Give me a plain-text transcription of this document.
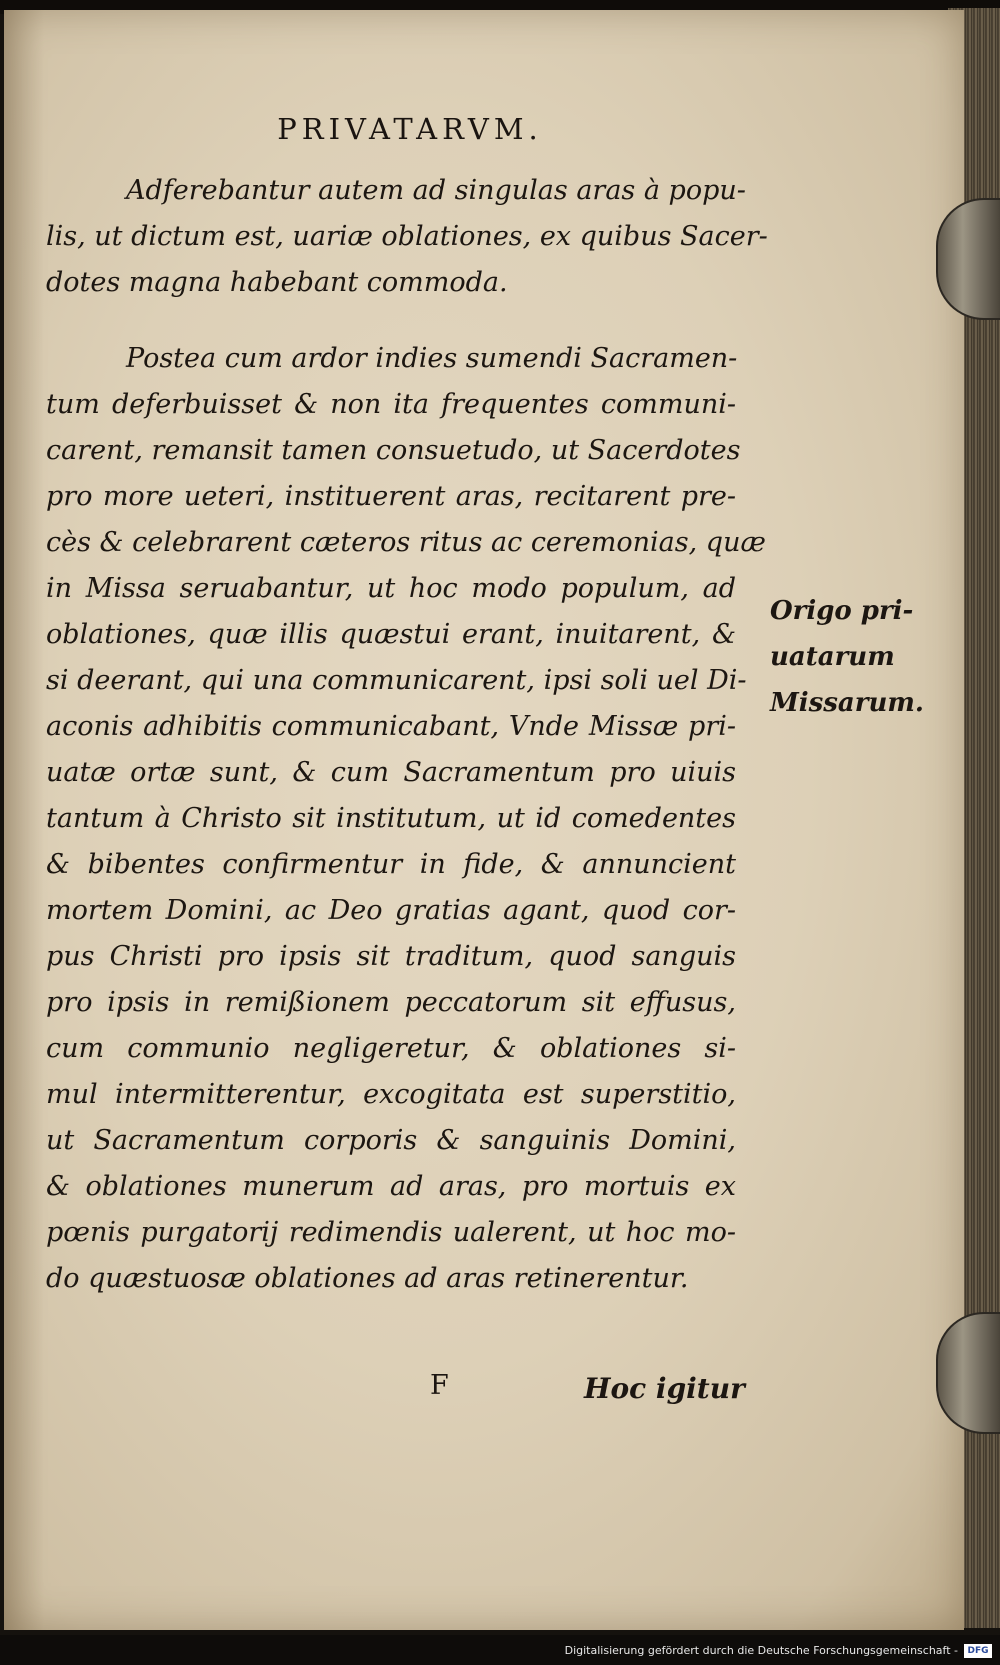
PRIVATARVM.
Adferebantur autem ad singulas aras à popu-
lis, ut dictum est, uariæ oblationes, ex quibus Sacer-
dotes magna habebant commoda.
Postea cum ardor indies sumendi Sacramen-
tum deferbuisset & non ita frequentes communi-
carent, remansit tamen consuetudo, ut Sacerdotes
pro more ueteri, instituerent aras, recitarent pre-
cès & celebrarent cæteros ritus ac ceremonias, quæ
in Missa seruabantur, ut hoc modo populum, ad
oblationes, quæ illis quæstui erant, inuitarent, &
si deerant, qui una communicarent, ipsi soli uel Di-
aconis adhibitis communicabant, Vnde Missæ pri-
uatæ ortæ sunt, & cum Sacramentum pro uiuis
tantum à Christo sit institutum, ut id comedentes
& bibentes confirmentur in fide, & annuncient
mortem Domini, ac Deo gratias agant, quod cor-
pus Christi pro ipsis sit traditum, quod sanguis
pro ipsis in remißionem peccatorum sit effusus,
cum communio negligeretur, & oblationes si-
mul intermitterentur, excogitata est superstitio,
ut Sacramentum corporis & sanguinis Domini,
& oblationes munerum ad aras, pro mortuis ex
pœnis purgatorij redimendis ualerent, ut hoc mo-
do quæstuosæ oblationes ad aras retinerentur.
Origo pri-
uatarum
Missarum.
F	Hoc igitur
Digitalisierung gefördert durch die Deutsche Forschungsgemeinschaft -	DFG
